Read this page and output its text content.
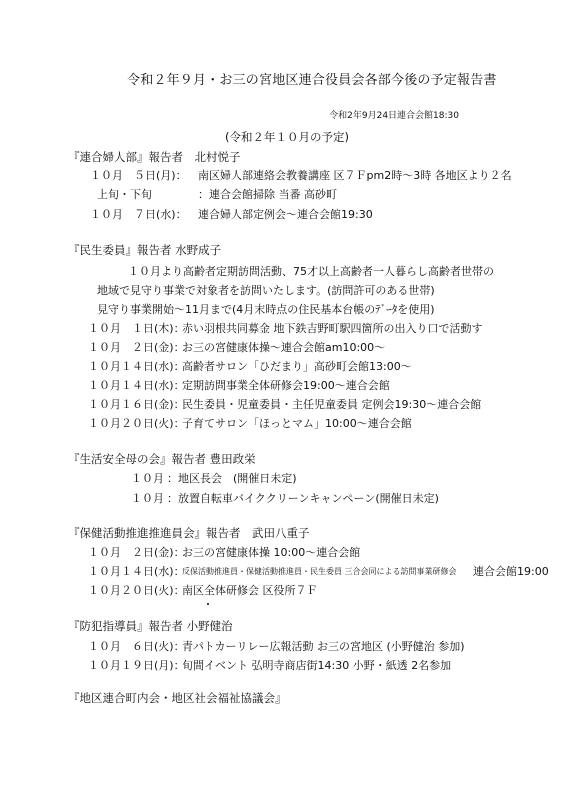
令和２年９月・お三の宮地区連合役員会各部今後の予定報告書
令和2年9月24日連合会館18:30
(令和２年１０月の予定)
『連合婦人部』報告者　北村悦子
１０月　５日(月)： 南区婦人部連絡会教養講座 区７Ｆpm2時～3時 各地区より２名
上旬・下旬	：連合会館掃除 当番 高砂町
１０月　７日(水)： 連合婦人部定例会～連合会館19:30
『民生委員』報告者 水野成子
１０月より高齢者定期訪問活動、75才以上高齢者一人暮らし高齢者世帯の
地域で見守り事業で対象者を訪問いたします。(訪問許可のある世帯)
見守り事業開始～11月まで(4月末時点の住民基本台帳のﾃﾞｰﾀを使用)
１０月　１日(木)：
赤い羽根共同募金 地下鉄吉野町駅四箇所の出入り口で活動す
１０月　２日(金)：
お三の宮健康体操～連合会館am10:00～
１０月１４日(水)：
高齢者サロン「ひだまり」高砂町会館13:00～
１０月１４日(水)：
定期訪問事業全体研修会19:00～連合会館
１０月１６日(金)：
民生委員・児童委員・主任児童委員 定例会19:30～連合会館
１０月２０日(火)：
子育てサロン「ほっとマム」10:00～連合会館
『生活安全母の会』報告者 豊田政栄
１０月 ：地区長会　(開催日未定)
１０月 ：放置自転車バイククリーンキャンペーン(開催日未定)
『保健活動推進推進員会』報告者　武田八重子
１０月　２日(金)：
お三の宮健康体操 10:00～連合会館
１０月１４日(水)：
反保活動推進員・保健活動推進員・民生委員 三合会同による訪問事業研修会 連合会館19:00
１０月２０日(火)：
南区全体研修会 区役所７Ｆ
『防犯指導員』報告者 小野健治
１０月　６日(火)：
青パトカーリレー広報活動 お三の宮地区 (小野健治 参加)
１０月１９日(月)：
旬間イベント 弘明寺商店街14:30 小野・紙透 2名参加
『地区連合町内会・地区社会福祉協議会』
